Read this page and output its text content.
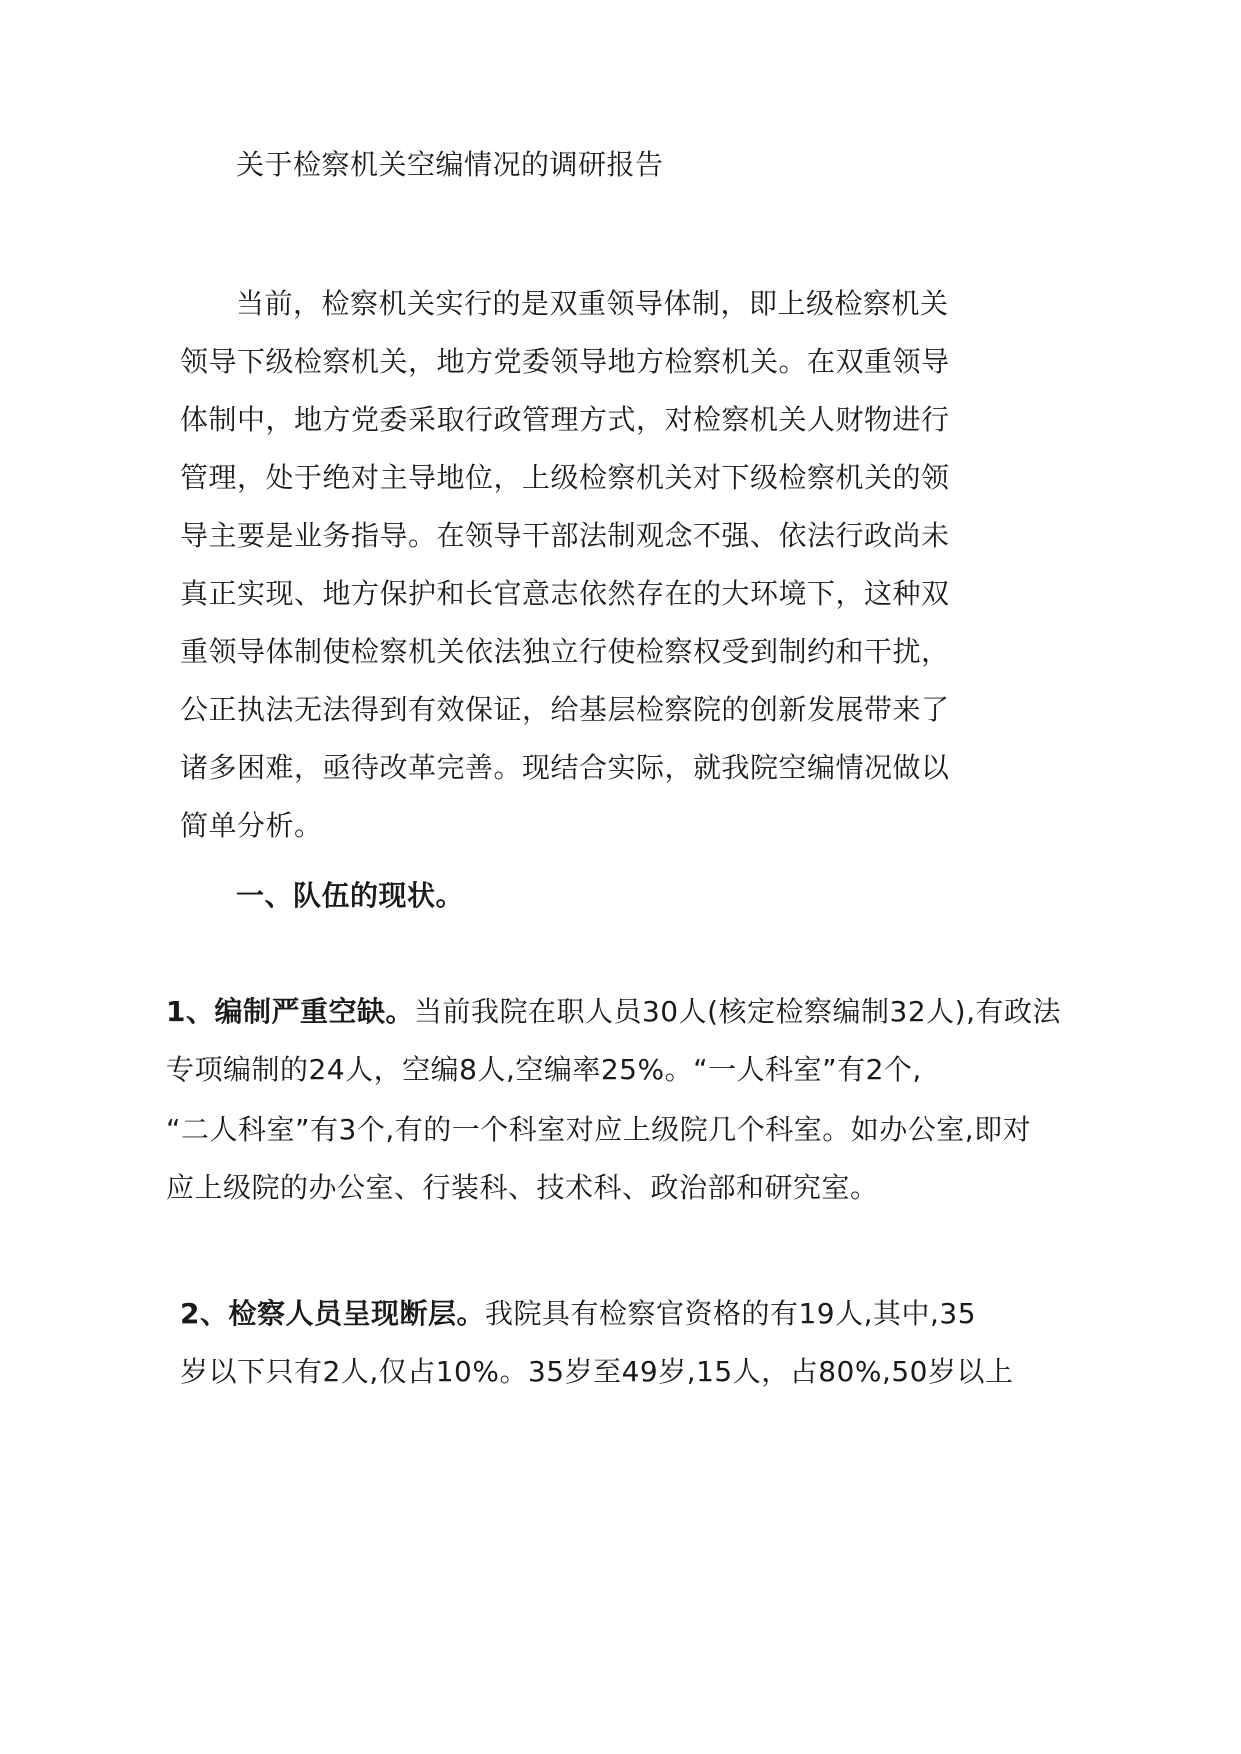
关于检察机关空编情况的调研报告
当前，检察机关实行的是双重领导体制，即上级检察机关
领导下级检察机关，地方党委领导地方检察机关。在双重领导
体制中，地方党委采取行政管理方式，对检察机关人财物进行
管理，处于绝对主导地位，上级检察机关对下级检察机关的领
导主要是业务指导。在领导干部法制观念不强、依法行政尚未
真正实现、地方保护和长官意志依然存在的大环境下，这种双
重领导体制使检察机关依法独立行使检察权受到制约和干扰，
公正执法无法得到有效保证，给基层检察院的创新发展带来了
诸多困难，亟待改革完善。现结合实际，就我院空编情况做以
简单分析。
一、队伍的现状。
1、编制严重空缺。当前我院在职人员30人(核定检察编制32人),有政法
专项编制的24人，空编8人,空编率25%。“一人科室”有2个,
“二人科室”有3个,有的一个科室对应上级院几个科室。如办公室,即对
应上级院的办公室、行装科、技术科、政治部和研究室。
2、检察人员呈现断层。我院具有检察官资格的有19人,其中,35
岁以下只有2人,仅占10%。35岁至49岁,15人，占80%,50岁以上
